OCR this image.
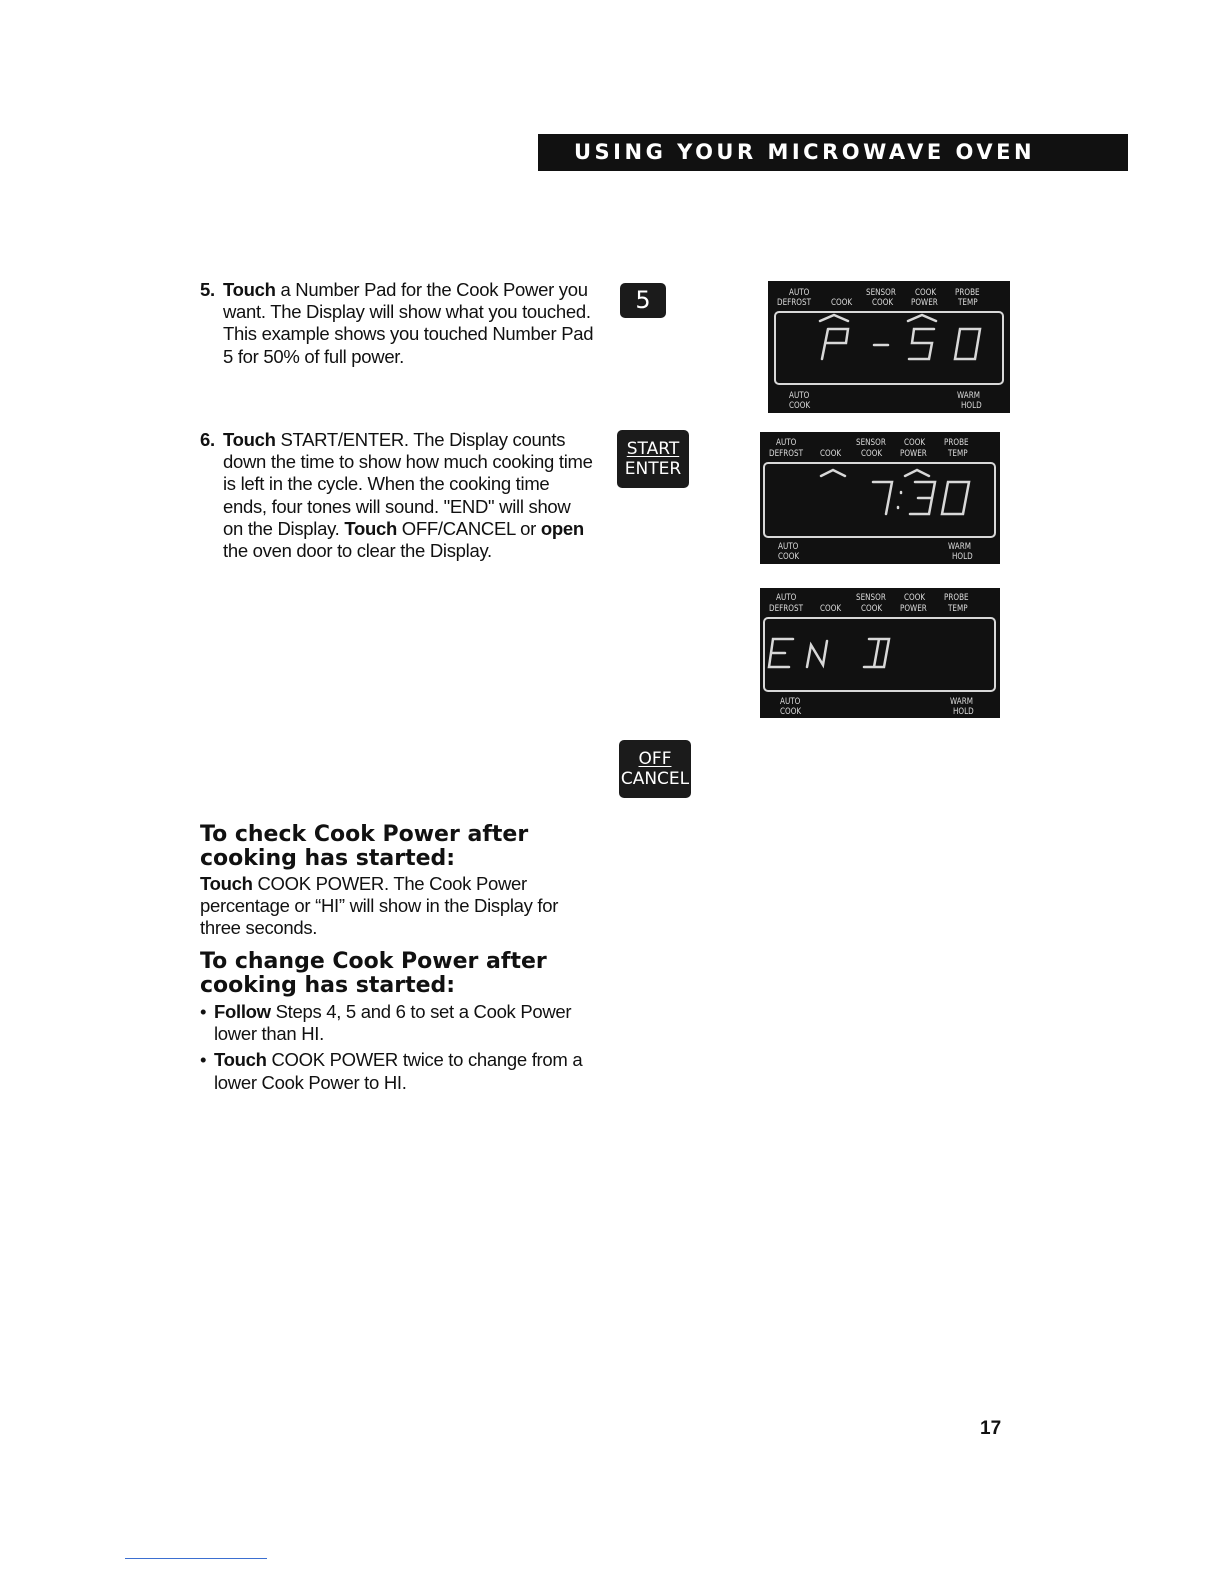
USING YOUR MICROWAVE OVEN
5. Touch a Number Pad for the Cook Power you want. The Display will show what you touched. This example shows you touched Number Pad 5 for 50% of full power.
6. Touch START/ENTER. The Display counts down the time to show how much cooking time is left in the cycle. When the cooking time ends, four tones will sound. "END" will show on the Display. Touch OFF/CANCEL or open the oven door to clear the Display.
5
START
ENTER
OFF
CANCEL
AUTO
DEFROST COOK
SENSOR
COOK
COOK
POWER
PROBE
TEMP
AUTO
COOK
WARM
HOLD
AUTO
DEFROST COOK
SENSOR
COOK
COOK
POWER
PROBE
TEMP
AUTO
COOK
WARM
HOLD
AUTO
DEFROST COOK
SENSOR
COOK
COOK
POWER
PROBE
TEMP
AUTO
COOK
WARM
HOLD
To check Cook Power after cooking has started:
Touch COOK POWER. The Cook Power percentage or “HI” will show in the Display for three seconds.
To change Cook Power after cooking has started:
• Follow Steps 4, 5 and 6 to set a Cook Power lower than HI.
• Touch COOK POWER twice to change from a lower Cook Power to HI.
17
